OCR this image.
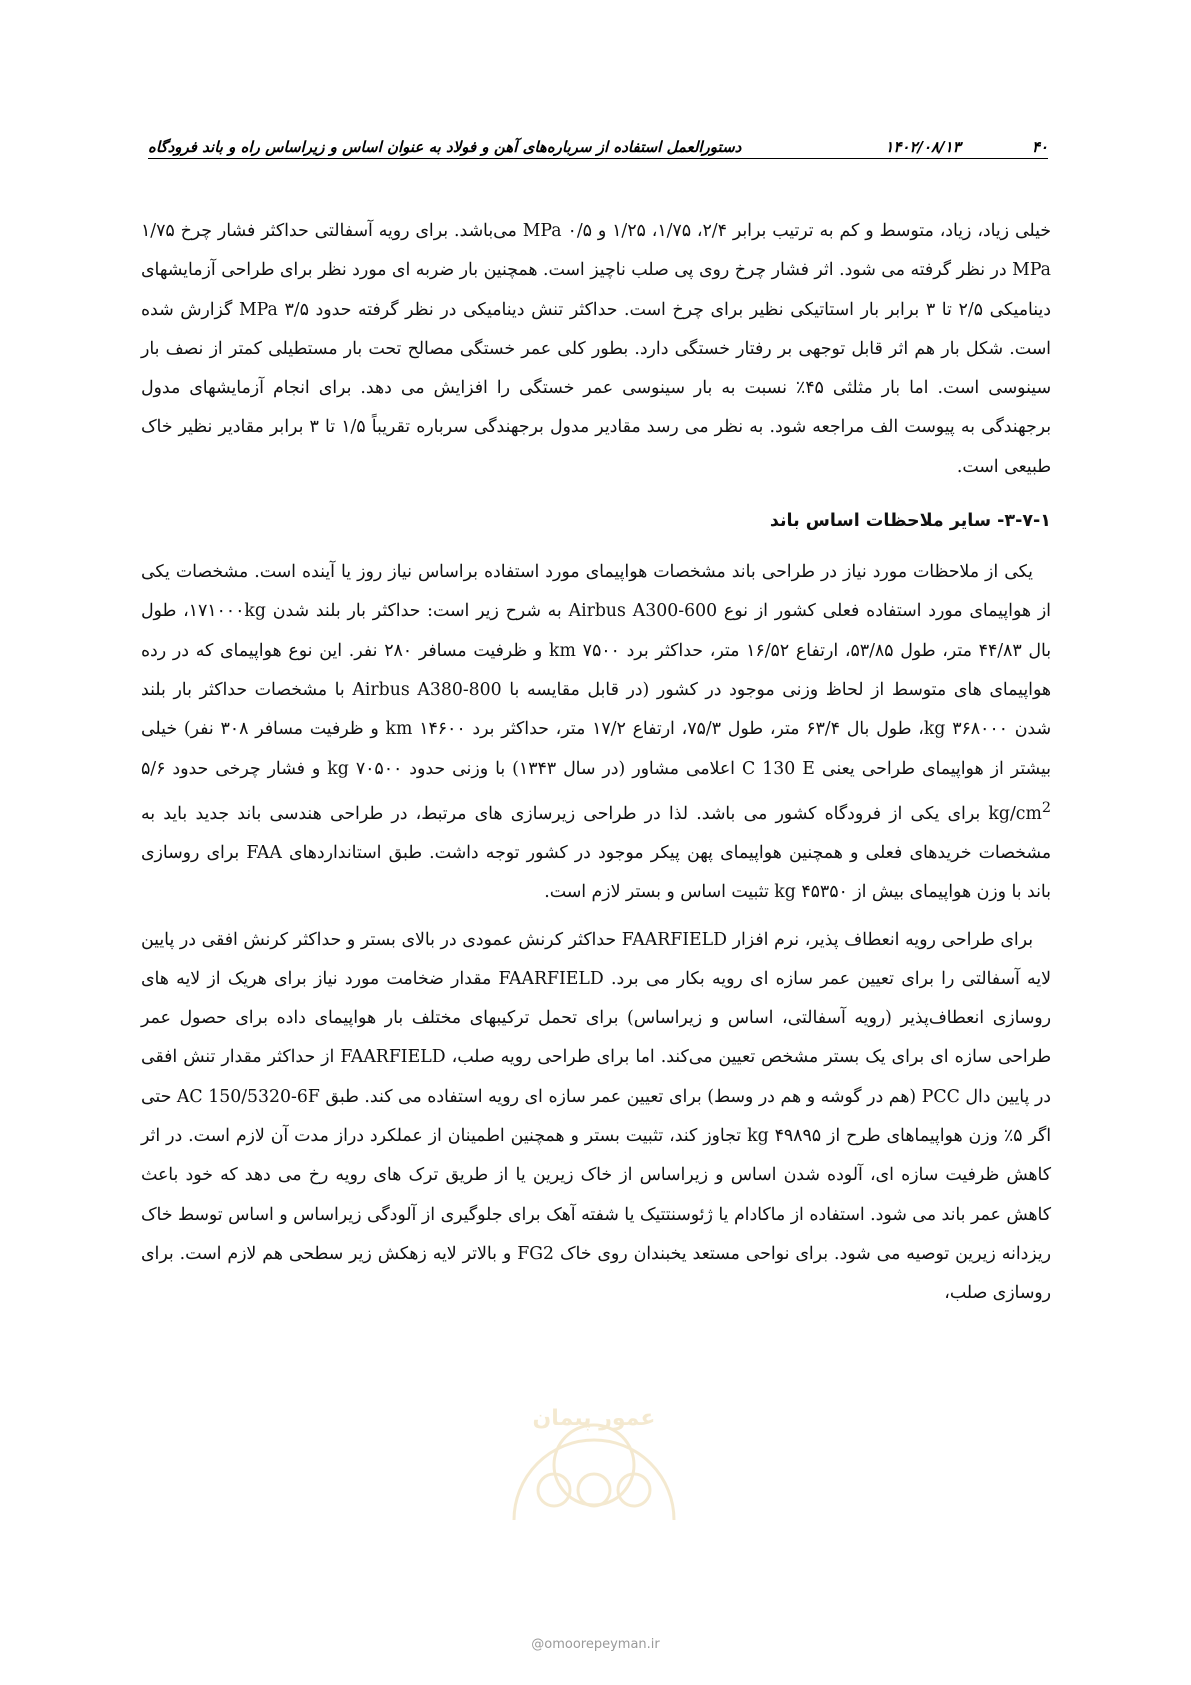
۴۰
۱۴۰۲/۰۸/۱۳
دستورالعمل استفاده از سرباره‌های آهن و فولاد به عنوان اساس و زیراساس راه و باند فرودگاه

خیلی زیاد، زیاد، متوسط و کم به ترتیب برابر ۲/۴، ۱/۷۵، ۱/۲۵ و ۰/۵ MPa می‌باشد. برای رویه آسفالتی حداکثر فشار چرخ ۱/۷۵ MPa در نظر گرفته می شود. اثر فشار چرخ روی پی صلب ناچیز است. همچنین بار ضربه ای مورد نظر برای طراحی آزمایشهای دینامیکی ۲/۵ تا ۳ برابر بار استاتیکی نظیر برای چرخ است. حداکثر تنش دینامیکی در نظر گرفته حدود ۳/۵ MPa گزارش شده است. شکل بار هم اثر قابل توجهی بر رفتار خستگی دارد. بطور کلی عمر خستگی مصالح تحت بار مستطیلی کمتر از نصف بار سینوسی است. اما بار مثلثی ۴۵٪ نسبت به بار سینوسی عمر خستگی را افزایش می دهد. برای انجام آزمایشهای مدول برجهندگی به پیوست الف مراجعه شود. به نظر می رسد مقادیر مدول برجهندگی سرباره تقریباً ۱/۵ تا ۳ برابر مقادیر نظیر خاک طبیعی است.

۳-۷-۱- سایر ملاحظات اساس باند

یکی از ملاحظات مورد نیاز در طراحی باند مشخصات هواپیمای مورد استفاده براساس نیاز روز یا آینده است. مشخصات یکی از هواپیمای مورد استفاده فعلی کشور از نوع Airbus A300-600 به شرح زیر است: حداکثر بار بلند شدن ۱۷۱۰۰۰kg، طول بال ۴۴/۸۳ متر، طول ۵۳/۸۵، ارتفاع ۱۶/۵۲ متر، حداکثر برد ۷۵۰۰ km و ظرفیت مسافر ۲۸۰ نفر. این نوع هواپیمای که در رده هواپیمای های متوسط از لحاظ وزنی موجود در کشور (در قابل مقایسه با Airbus A380-800 با مشخصات حداکثر بار بلند شدن ۳۶۸۰۰۰ kg، طول بال ۶۳/۴ متر، طول ۷۵/۳، ارتفاع ۱۷/۲ متر، حداکثر برد ۱۴۶۰۰ km و ظرفیت مسافر ۳۰۸ نفر) خیلی بیشتر از هواپیمای طراحی یعنی C 130 E اعلامی مشاور (در سال ۱۳۴۳) با وزنی حدود ۷۰۵۰۰ kg و فشار چرخی حدود ۵/۶ $kg/cm^2$ برای یکی از فرودگاه کشور می باشد. لذا در طراحی زیرسازی های مرتبط، در طراحی هندسی باند جدید باید به مشخصات خریدهای فعلی و همچنین هواپیمای پهن پیکر موجود در کشور توجه داشت. طبق استانداردهای FAA برای روسازی باند با وزن هواپیمای بیش از ۴۵۳۵۰ kg تثبیت اساس و بستر لازم است.

برای طراحی رویه انعطاف پذیر، نرم افزار FAARFIELD حداکثر کرنش عمودی در بالای بستر و حداکثر کرنش افقی در پایین لایه آسفالتی را برای تعیین عمر سازه ای رویه بکار می برد. FAARFIELD مقدار ضخامت مورد نیاز برای هریک از لایه های روسازی انعطاف‌پذیر (رویه آسفالتی، اساس و زیراساس) برای تحمل ترکیبهای مختلف بار هواپیمای داده برای حصول عمر طراحی سازه ای برای یک بستر مشخص تعیین می‌کند. اما برای طراحی رویه صلب، FAARFIELD از حداکثر مقدار تنش افقی در پایین دال PCC (هم در گوشه و هم در وسط) برای تعیین عمر سازه ای رویه استفاده می کند. طبق AC 150/5320-6F حتی اگر ۵٪ وزن هواپیماهای طرح از ۴۹۸۹۵ kg تجاوز کند، تثبیت بستر و همچنین اطمینان از عملکرد دراز مدت آن لازم است. در اثر کاهش ظرفیت سازه ای، آلوده شدن اساس و زیراساس از خاک زیرین یا از طریق ترک های رویه رخ می دهد که خود باعث کاهش عمر باند می شود. استفاده از ماکادام یا ژئوسنتتیک یا شفته آهک برای جلوگیری از آلودگی زیراساس و اساس توسط خاک ریزدانه زیرین توصیه می شود. برای نواحی مستعد یخبندان روی خاک FG2 و بالاتر لایه زهکش زیر سطحی هم لازم است. برای روسازی صلب،

عمور پیمان
@omoorepeyman.ir
